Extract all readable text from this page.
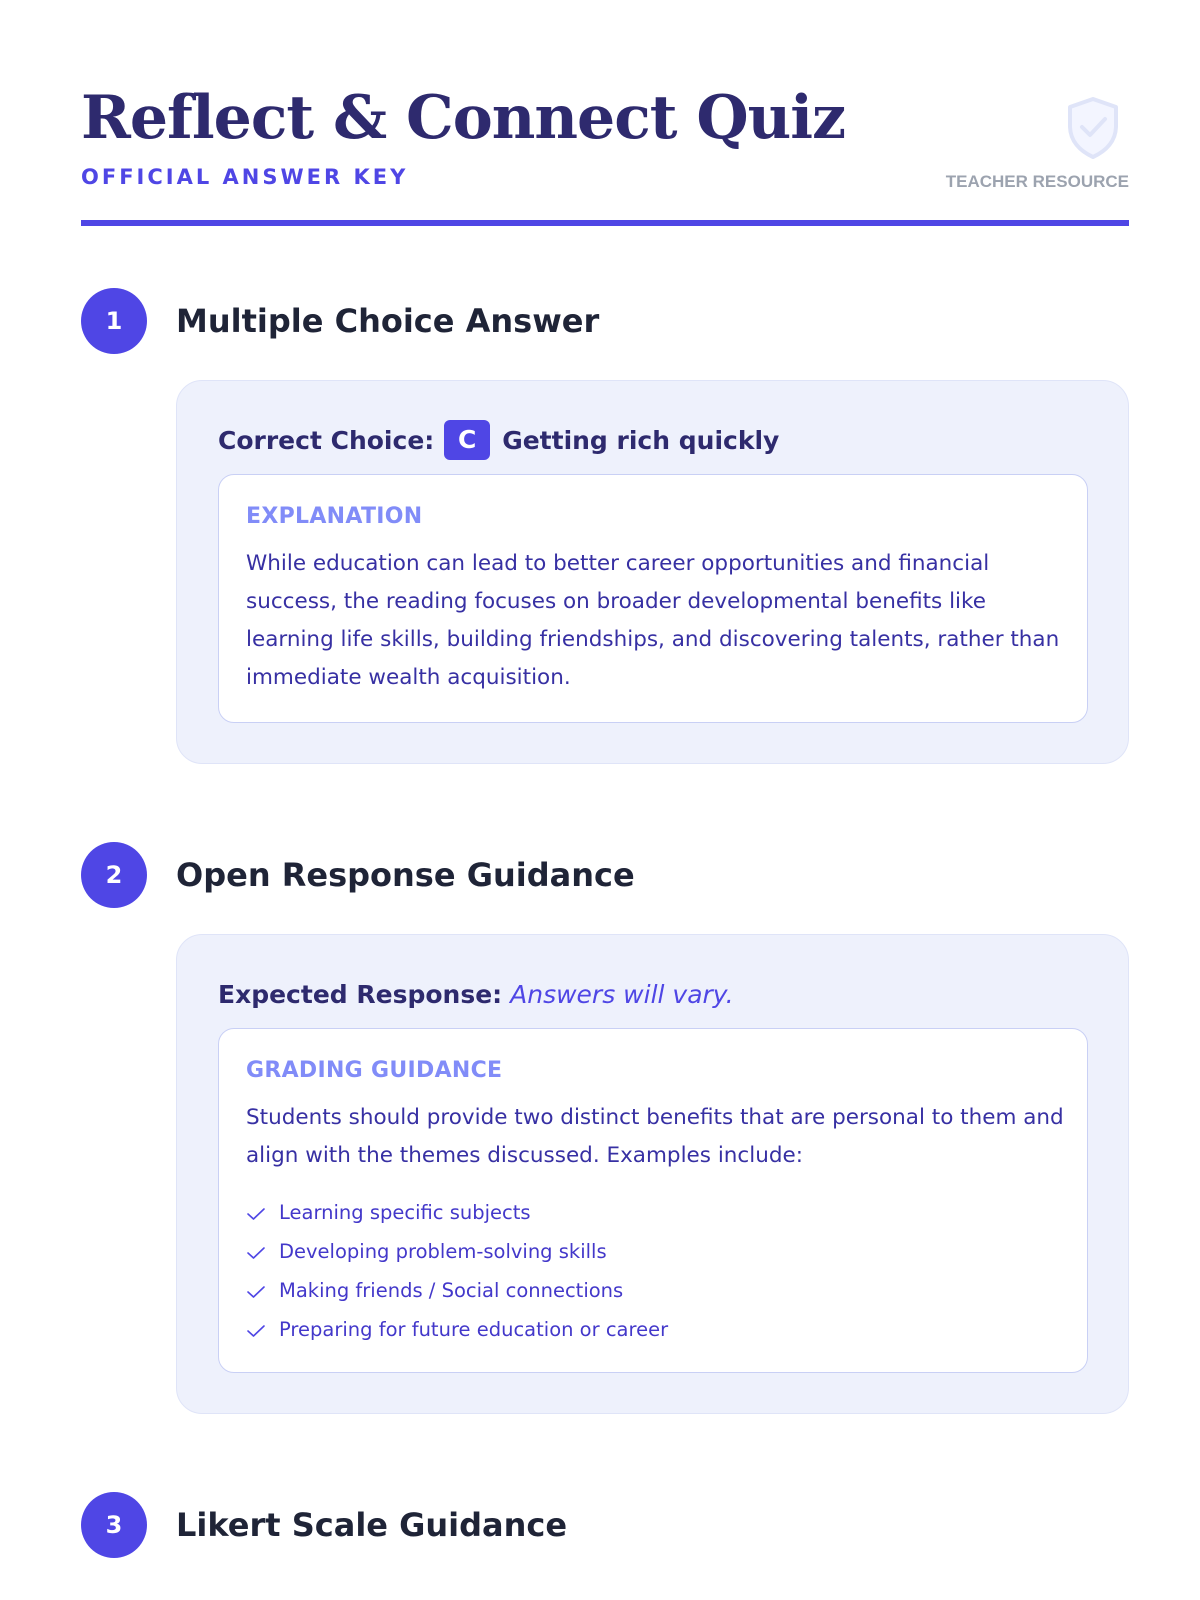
Reflect & Connect Quiz
OFFICIAL ANSWER KEY	TEACHER RESOURCE
1	Multiple Choice Answer
Correct Choice: C Getting rich quickly
EXPLANATION
While education can lead to better career opportunities and financial success, the reading focuses on broader developmental benefits like learning life skills, building friendships, and discovering talents, rather than immediate wealth acquisition.
2	Open Response Guidance
Expected Response: Answers will vary.
GRADING GUIDANCE
Students should provide two distinct benefits that are personal to them and align with the themes discussed. Examples include:
Learning specific subjects
Developing problem-solving skills
Making friends / Social connections
Preparing for future education or career
3	Likert Scale Guidance
